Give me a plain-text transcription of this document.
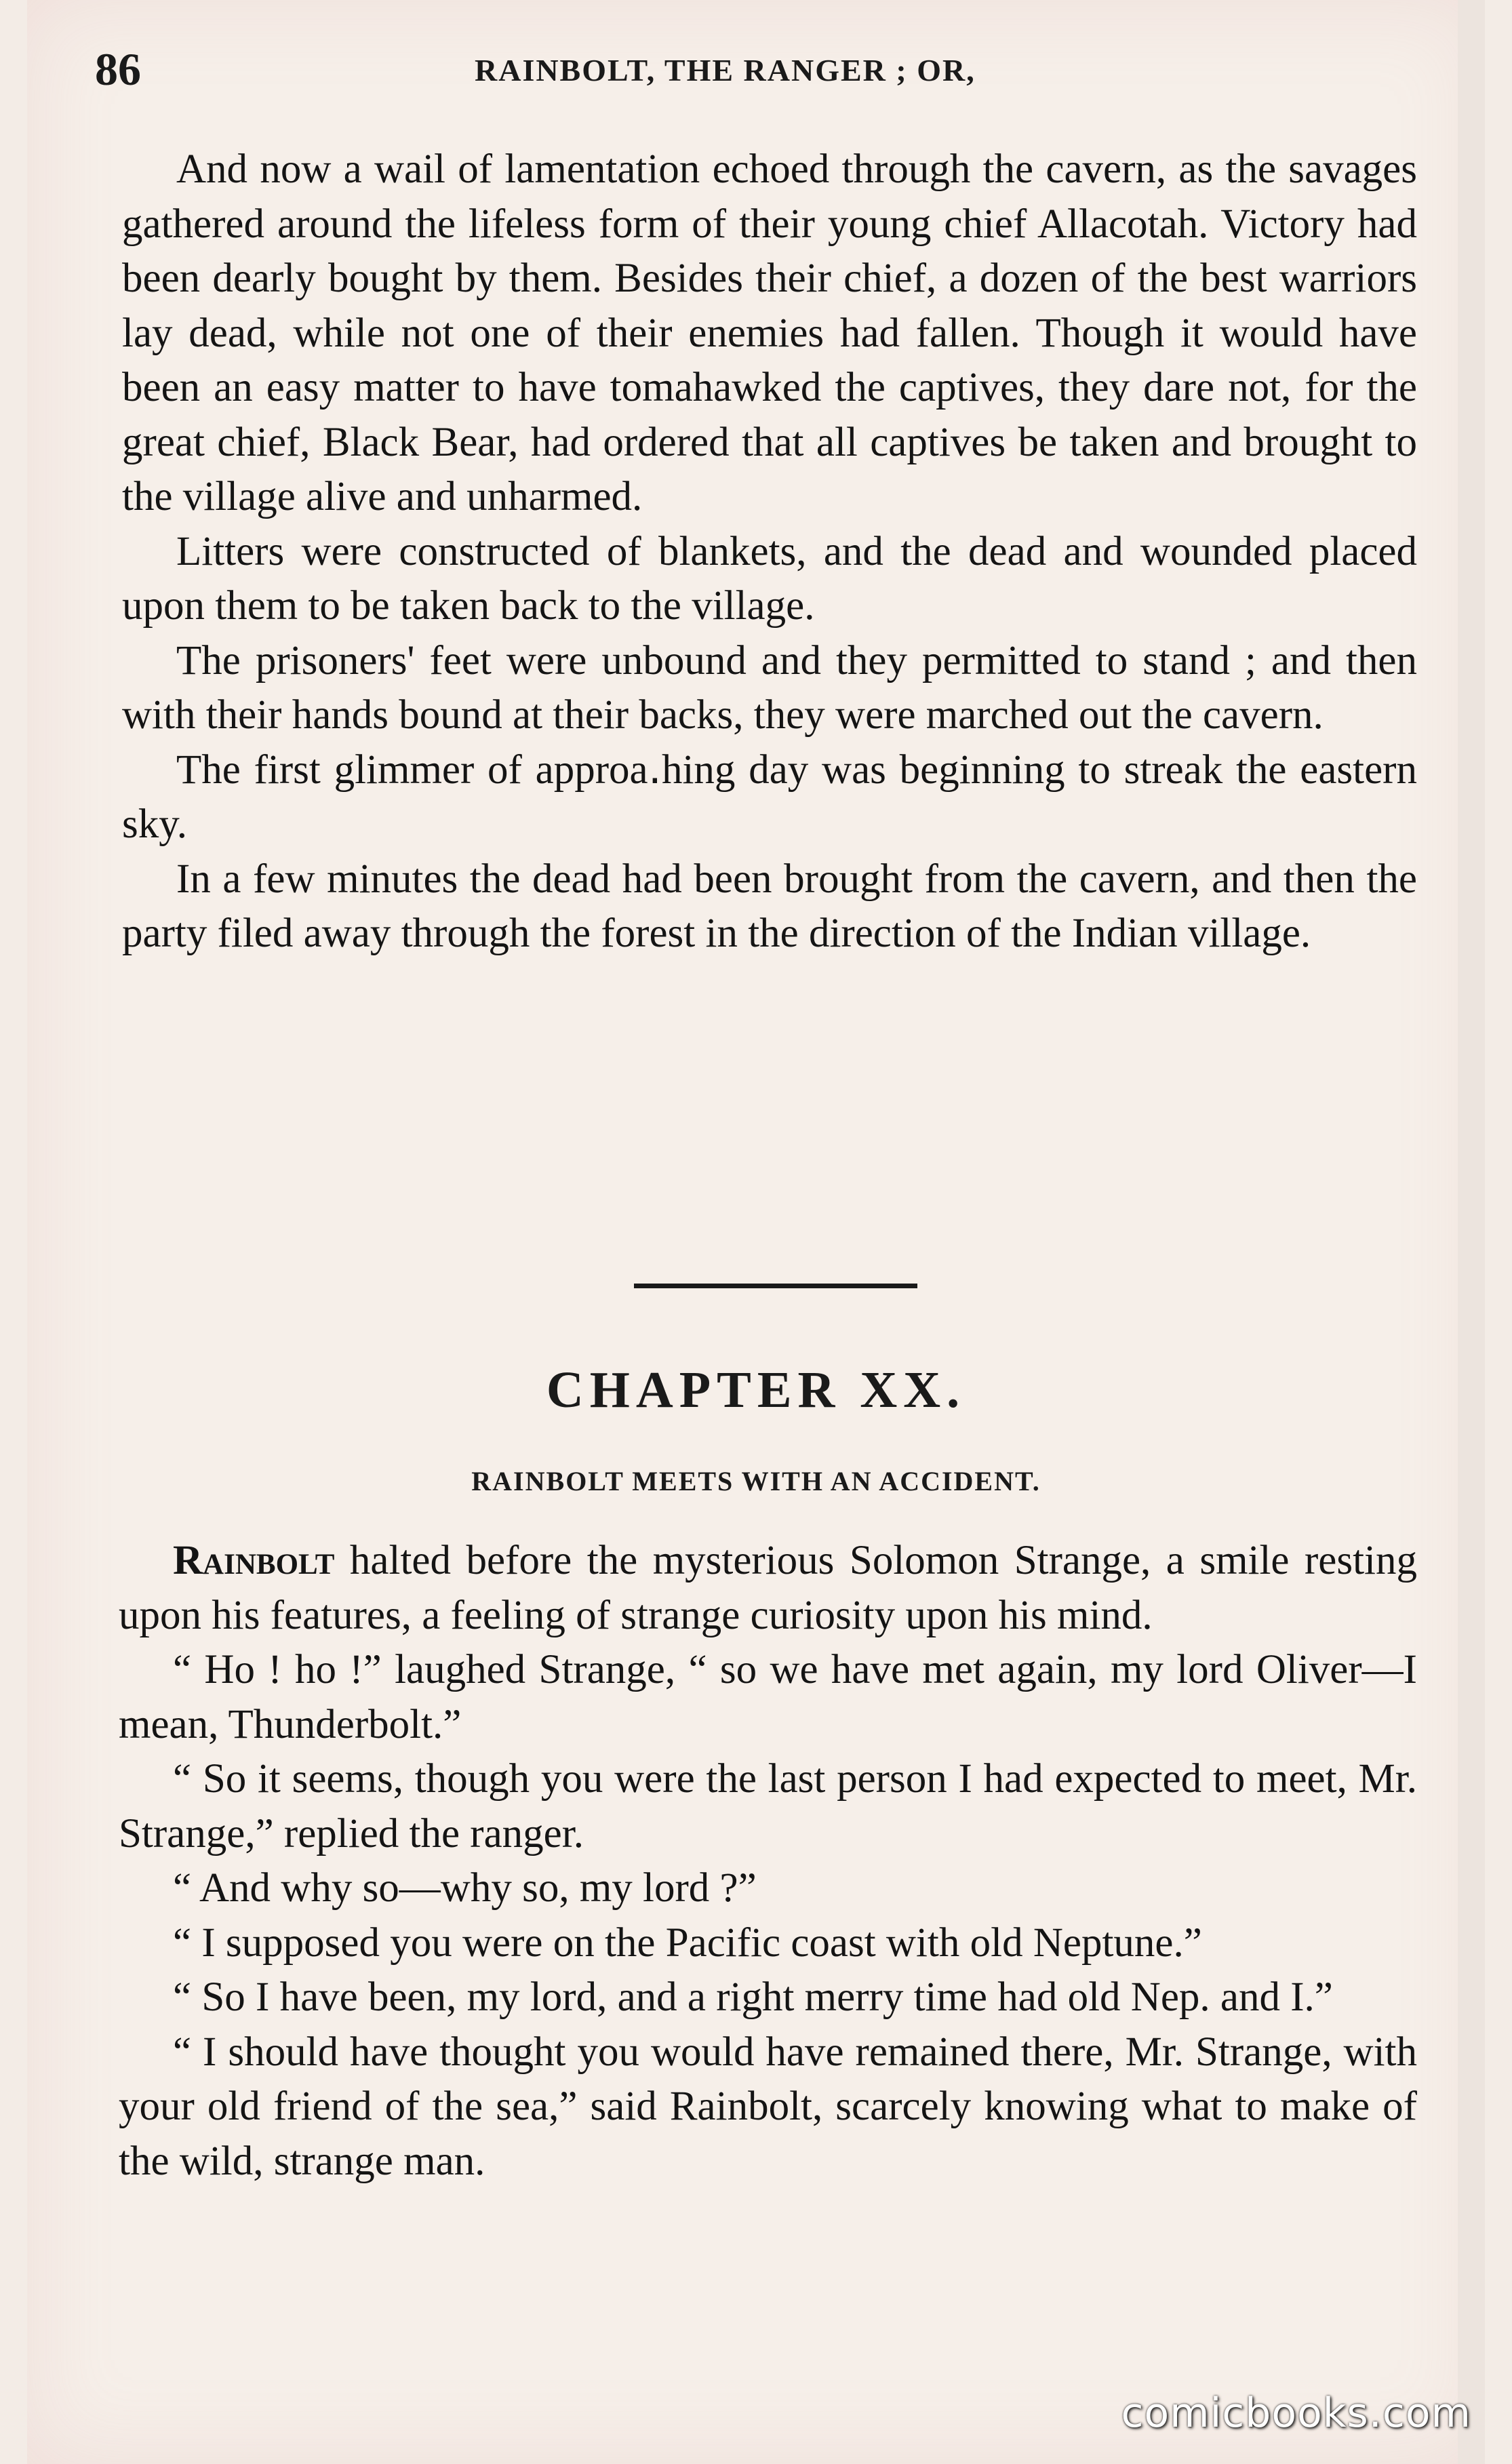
86	RAINBOLT, THE RANGER ; OR,

And now a wail of lamentation echoed through the cavern, as the savages gathered around the lifeless form of their young chief Allacotah. Victory had been dearly bought by them. Besides their chief, a dozen of the best warriors lay dead, while not one of their enemies had fallen. Though it would have been an easy matter to have tomahawked the captives, they dare not, for the great chief, Black Bear, had ordered that all captives be taken and brought to the village alive and unharmed.

Litters were constructed of blankets, and the dead and wounded placed upon them to be taken back to the village.

The prisoners' feet were unbound and they permitted to stand ; and then with their hands bound at their backs, they were marched out the cavern.

The first glimmer of approa․hing day was beginning to streak the eastern sky.

In a few minutes the dead had been brought from the cavern, and then the party filed away through the forest in the direction of the Indian village.

CHAPTER XX.
RAINBOLT MEETS WITH AN ACCIDENT.

Rainbolt halted before the mysterious Solomon Strange, a smile resting upon his features, a feeling of strange curiosity upon his mind.

“ Ho ! ho !” laughed Strange, “ so we have met again, my lord Oliver—I mean, Thunderbolt.”

“ So it seems, though you were the last person I had expected to meet, Mr. Strange,” replied the ranger.

“ And why so—why so, my lord ?”

“ I supposed you were on the Pacific coast with old Neptune.”

“ So I have been, my lord, and a right merry time had old Nep. and I.”

“ I should have thought you would have remained there, Mr. Strange, with your old friend of the sea,” said Rainbolt, scarcely knowing what to make of the wild, strange man.

comicbooks.com
